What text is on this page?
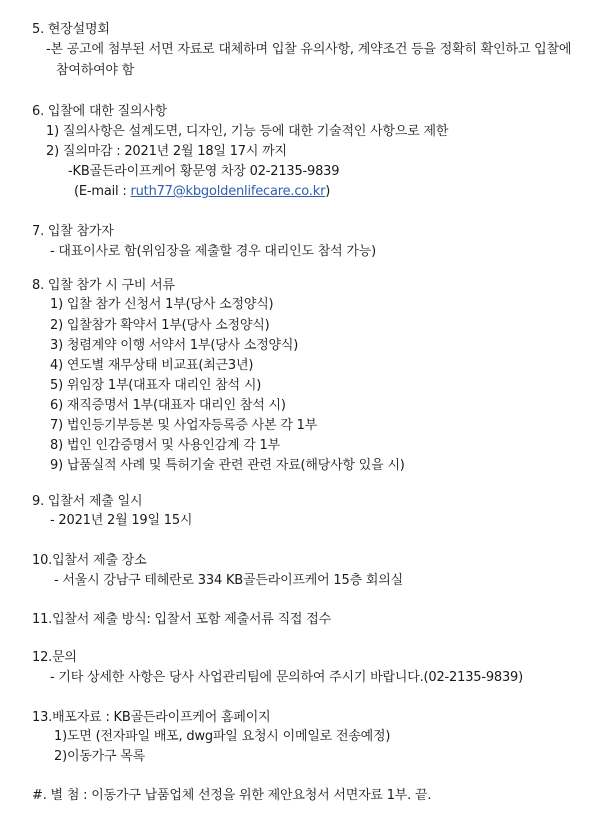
5. 현장설명회
-본 공고에 첨부된 서면 자료로 대체하며 입찰 유의사항, 계약조건 등을 정확히 확인하고 입찰에
참여하여야 함
6. 입찰에 대한 질의사항
1) 질의사항은 설계도면, 디자인, 기능 등에 대한 기술적인 사항으로 제한
2) 질의마감 : 2021년 2월 18일 17시 까지
-KB골든라이프케어 황문영 차장 02-2135-9839
(E-mail : ruth77@kbgoldenlifecare.co.kr)
7. 입찰 참가자
- 대표이사로 함(위임장을 제출할 경우 대리인도 참석 가능)
8. 입찰 참가 시 구비 서류
1) 입찰 참가 신청서 1부(당사 소정양식)
2) 입찰참가 확약서 1부(당사 소정양식)
3) 청렴계약 이행 서약서 1부(당사 소정양식)
4) 연도별 재무상태 비교표(최근3년)
5) 위임장 1부(대표자 대리인 참석 시)
6) 재직증명서 1부(대표자 대리인 참석 시)
7) 법인등기부등본 및 사업자등록증 사본 각 1부
8) 법인 인감증명서 및 사용인감계 각 1부
9) 납품실적 사례 및 특허기술 관련 관련 자료(해당사항 있을 시)
9. 입찰서 제출 일시
- 2021년 2월 19일 15시
10.입찰서 제출 장소
- 서울시 강남구 테헤란로 334 KB골든라이프케어 15층 회의실
11.입찰서 제출 방식: 입찰서 포함 제출서류 직접 접수
12.문의
- 기타 상세한 사항은 당사 사업관리팀에 문의하여 주시기 바랍니다.(02-2135-9839)
13.배포자료 : KB골든라이프케어 홈페이지
1)도면 (전자파일 배포, dwg파일 요청시 이메일로 전송예정)
2)이동가구 목록
#. 별 첨 : 이동가구 납품업체 선정을 위한 제안요청서 서면자료 1부. 끝.
